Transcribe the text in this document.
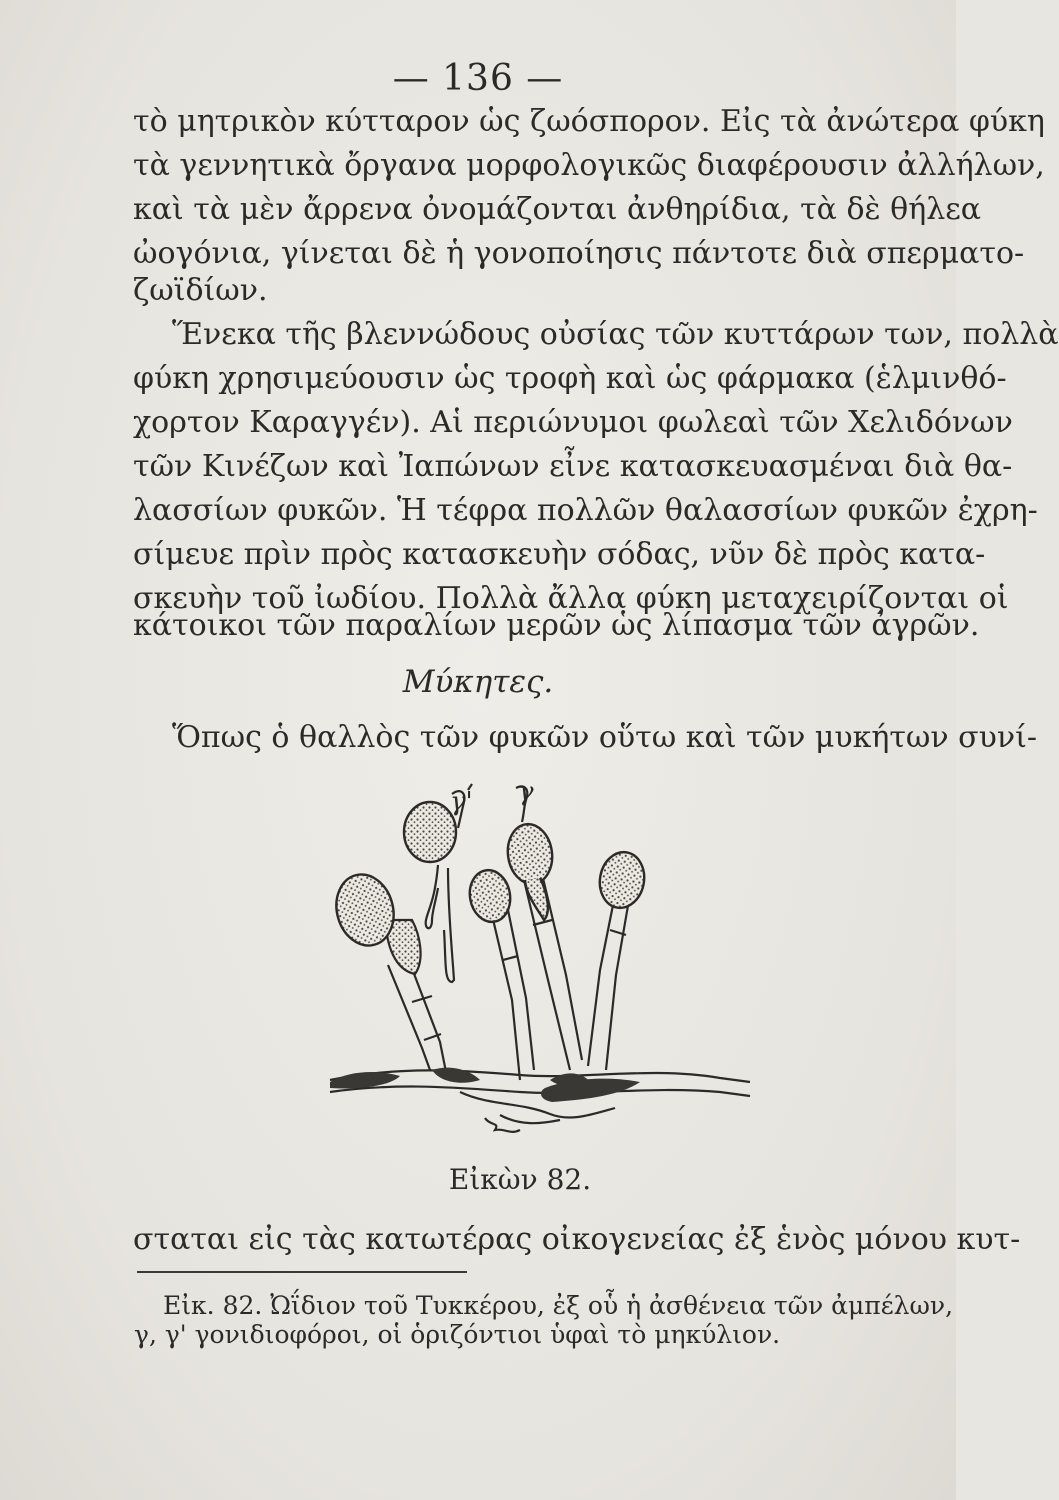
— 136 —
τὸ μητρικὸν κύτταρον ὡς ζωόσπορον. Εἰς τὰ ἀνώτερα φύκη
τὰ γεννητικὰ ὄργανα μορφολογικῶς διαφέρουσιν ἀλλήλων,
καὶ τὰ μὲν ἄρρενα ὀνομάζονται ἀνθηρίδια, τὰ δὲ θήλεα
ὠογόνια, γίνεται δὲ ἡ γονοποίησις πάντοτε διὰ σπερματο-
ζωϊδίων.
Ἕνεκα τῆς βλεννώδους οὐσίας τῶν κυττάρων των, πολλὰ
φύκη χρησιμεύουσιν ὡς τροφὴ καὶ ὡς φάρμακα (ἑλμινθό-
χορτον Καραγγέν). Αἱ περιώνυμοι φωλεαὶ τῶν Χελιδόνων
τῶν Κινέζων καὶ Ἰαπώνων εἶνε κατασκευασμέναι διὰ θα-
λασσίων φυκῶν. Ἡ τέφρα πολλῶν θαλασσίων φυκῶν ἐχρη-
σίμευε πρὶν πρὸς κατασκευὴν σόδας, νῦν δὲ πρὸς κατα-
σκευὴν τοῦ ἰωδίου. Πολλὰ ἄλλα φύκη μεταχειρίζονται οἱ
κάτοικοι τῶν παραλίων μερῶν ὡς λίπασμα τῶν ἀγρῶν.
Μύκητες.
Ὅπως ὁ θαλλὸς τῶν φυκῶν οὕτω καὶ τῶν μυκήτων συνί-
γ' γ
Εἰκὼν 82.
σταται εἰς τὰς κατωτέρας οἰκογενείας ἐξ ἑνὸς μόνου κυτ-
Εἰκ. 82. Ὠΐδιον τοῦ Τυκκέρου, ἐξ οὗ ἡ ἀσθένεια τῶν ἀμπέλων,
γ, γ' γονιδιοφόροι, οἱ ὁριζόντιοι ὑφαὶ τὸ μηκύλιον.
